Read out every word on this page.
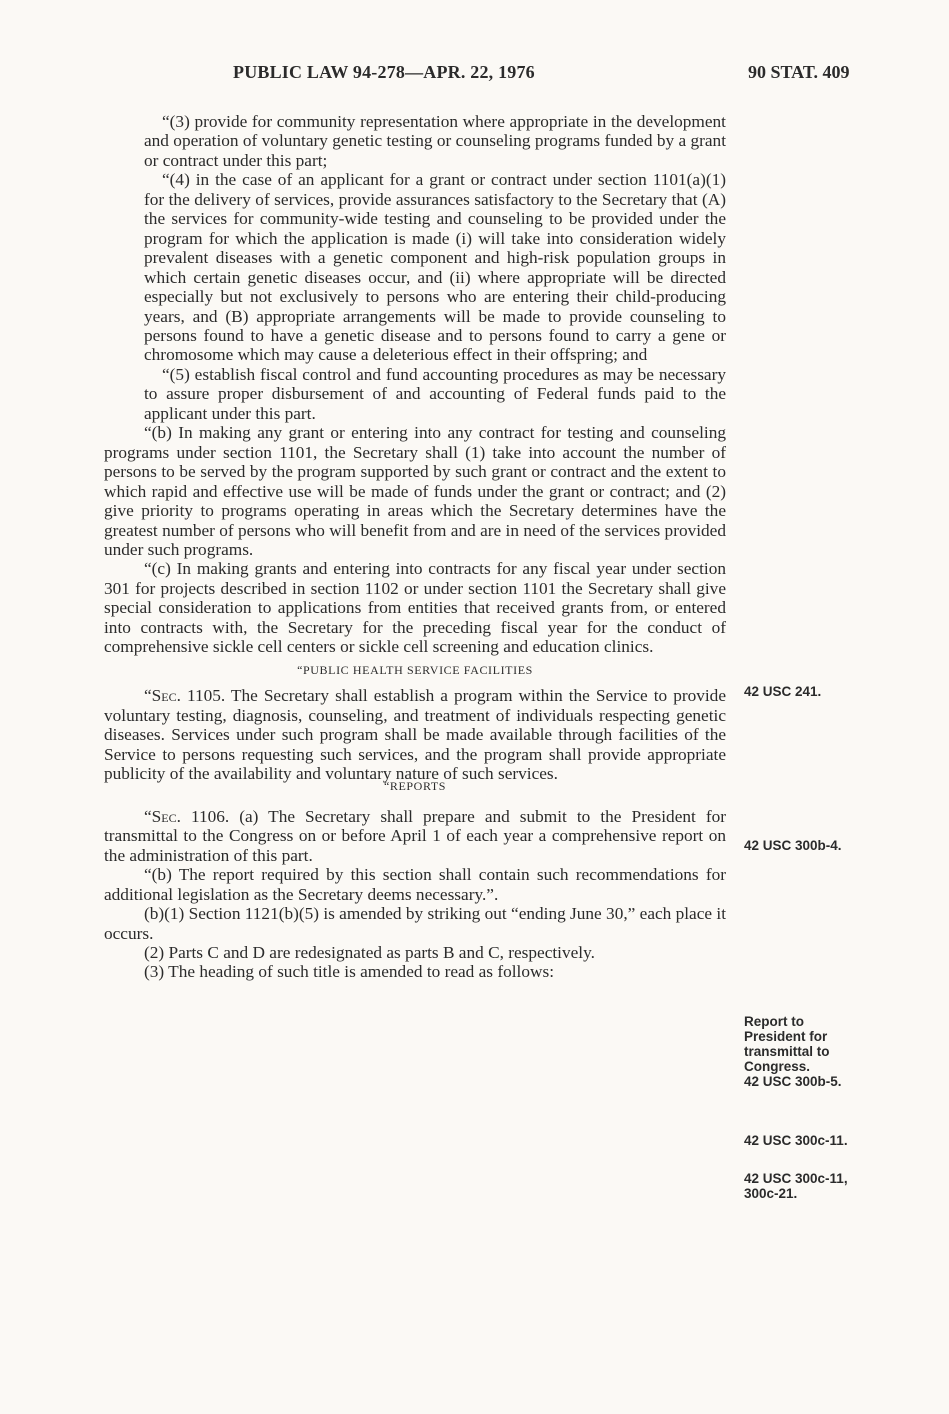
PUBLIC LAW 94-278—APR. 22, 1976	90 STAT. 409

“(3) provide for community representation where appropriate in the development and operation of voluntary genetic testing or counseling programs funded by a grant or contract under this part;

“(4) in the case of an applicant for a grant or contract under section 1101(a)(1) for the delivery of services, provide assurances satisfactory to the Secretary that (A) the services for community-wide testing and counseling to be provided under the program for which the application is made (i) will take into consideration widely prevalent diseases with a genetic component and high-risk population groups in which certain genetic diseases occur, and (ii) where appropriate will be directed especially but not exclusively to persons who are entering their child-producing years, and (B) appropriate arrangements will be made to provide counseling to persons found to have a genetic disease and to persons found to carry a gene or chromosome which may cause a deleterious effect in their offspring; and

“(5) establish fiscal control and fund accounting procedures as may be necessary to assure proper disbursement of and accounting of Federal funds paid to the applicant under this part.

“(b) In making any grant or entering into any contract for testing and counseling programs under section 1101, the Secretary shall (1) take into account the number of persons to be served by the program supported by such grant or contract and the extent to which rapid and effective use will be made of funds under the grant or contract; and (2) give priority to programs operating in areas which the Secretary determines have the greatest number of persons who will benefit from and are in need of the services provided under such programs.

“(c) In making grants and entering into contracts for any fiscal year under section 301 for projects described in section 1102 or under section 1101 the Secretary shall give special consideration to applications from entities that received grants from, or entered into contracts with, the Secretary for the preceding fiscal year for the conduct of comprehensive sickle cell centers or sickle cell screening and education clinics.

“PUBLIC HEALTH SERVICE FACILITIES

“Sec. 1105. The Secretary shall establish a program within the Service to provide voluntary testing, diagnosis, counseling, and treatment of individuals respecting genetic diseases. Services under such program shall be made available through facilities of the Service to persons requesting such services, and the program shall provide appropriate publicity of the availability and voluntary nature of such services.

“REPORTS

“Sec. 1106. (a) The Secretary shall prepare and submit to the President for transmittal to the Congress on or before April 1 of each year a comprehensive report on the administration of this part.

“(b) The report required by this section shall contain such recommendations for additional legislation as the Secretary deems necessary.”.

(b)(1) Section 1121(b)(5) is amended by striking out “ending June 30,” each place it occurs.

(2) Parts C and D are redesignated as parts B and C, respectively.

(3) The heading of such title is amended to read as follows:

42 USC 241.
42 USC 300b-4.
Report to
President for
transmittal to
Congress.
42 USC 300b-5.
42 USC 300c-11.
42 USC 300c-11,
300c-21.
